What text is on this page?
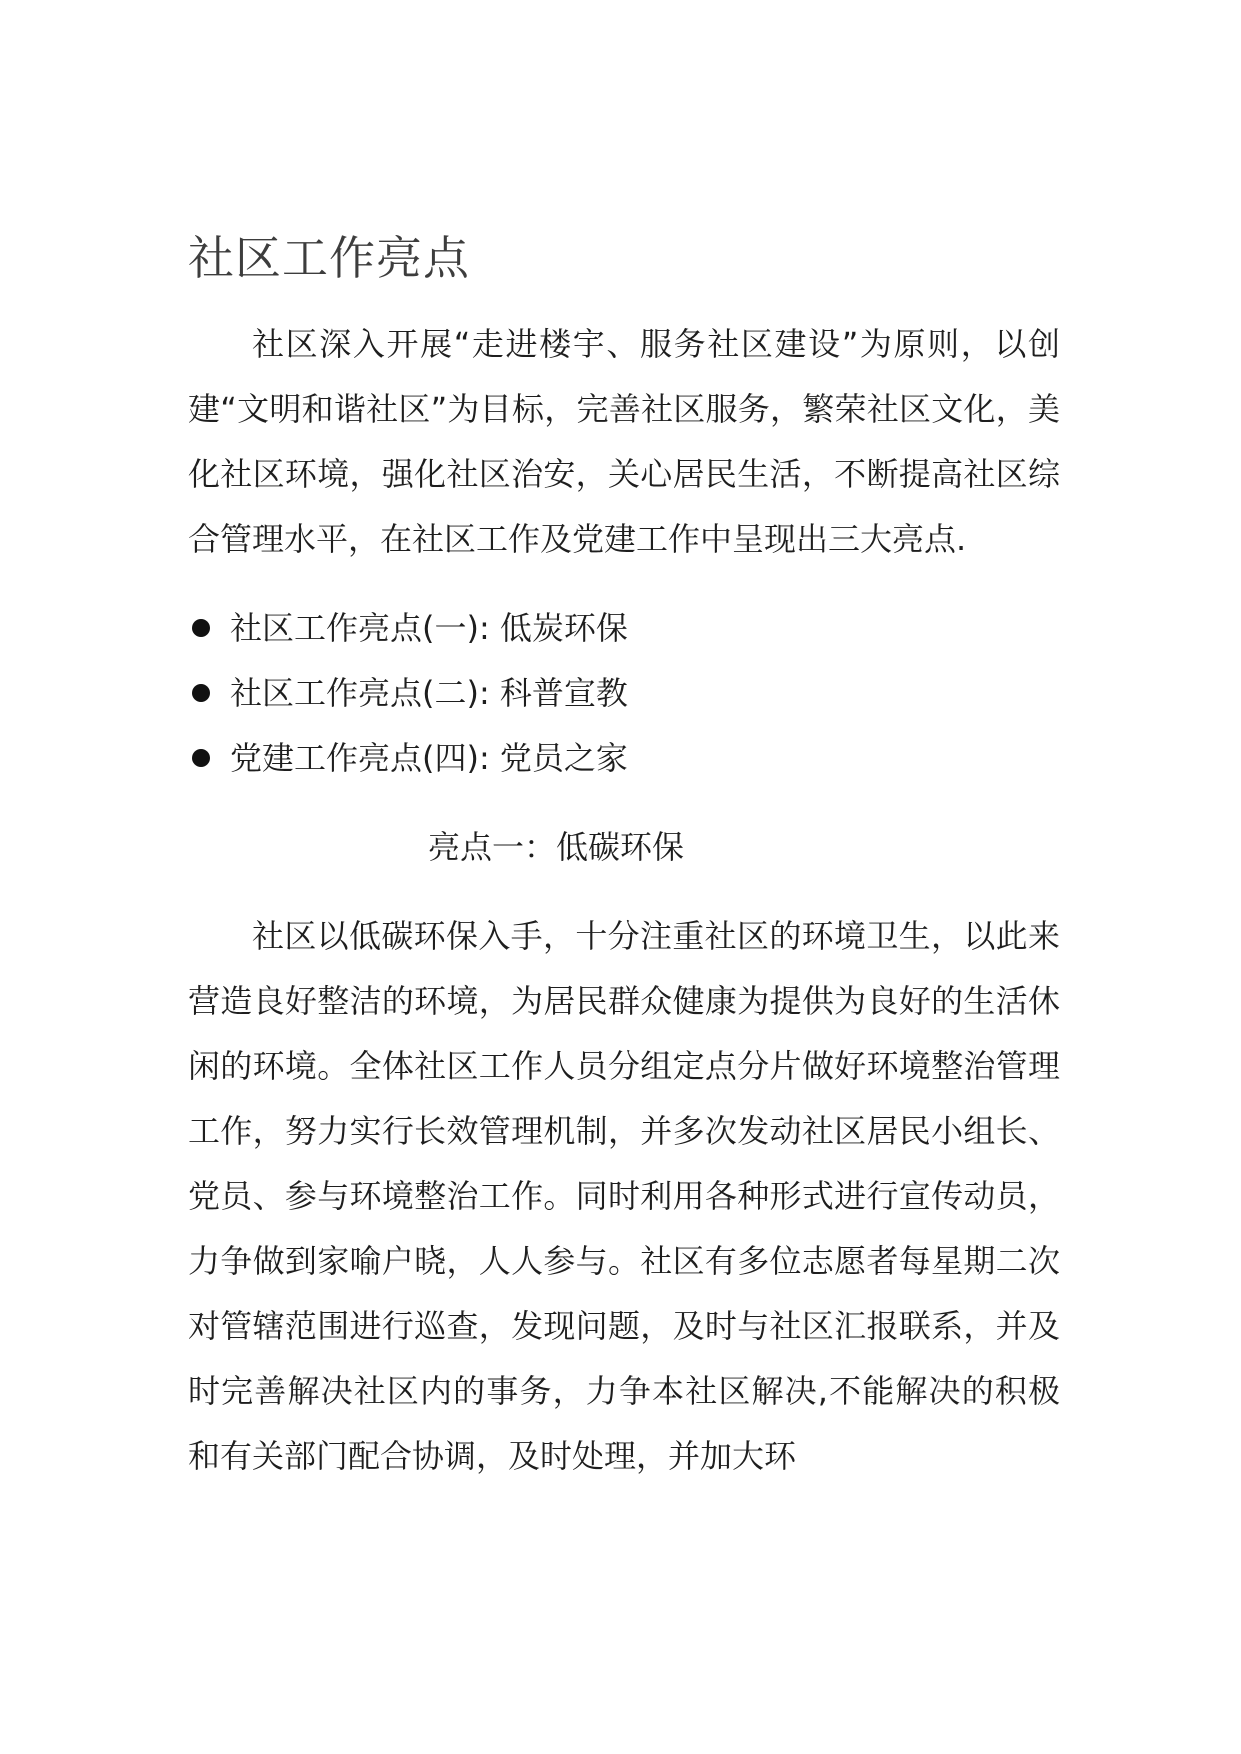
社区工作亮点

社区深入开展“走进楼宇、服务社区建设”为原则，以创建“文明和谐社区”为目标，完善社区服务，繁荣社区文化，美化社区环境，强化社区治安，关心居民生活，不断提高社区综合管理水平，在社区工作及党建工作中呈现出三大亮点.

社区工作亮点(一): 低炭环保
社区工作亮点(二): 科普宣教
党建工作亮点(四): 党员之家
亮点一：低碳环保

社区以低碳环保入手，十分注重社区的环境卫生，以此来营造良好整洁的环境，为居民群众健康为提供为良好的生活休闲的环境。全体社区工作人员分组定点分片做好环境整治管理工作，努力实行长效管理机制，并多次发动社区居民小组长、党员、参与环境整治工作。同时利用各种形式进行宣传动员，力争做到家喻户晓，人人参与。社区有多位志愿者每星期二次对管辖范围进行巡查，发现问题，及时与社区汇报联系，并及时完善解决社区内的事务，力争本社区解决,不能解决的积极和有关部门配合协调，及时处理，并加大环
